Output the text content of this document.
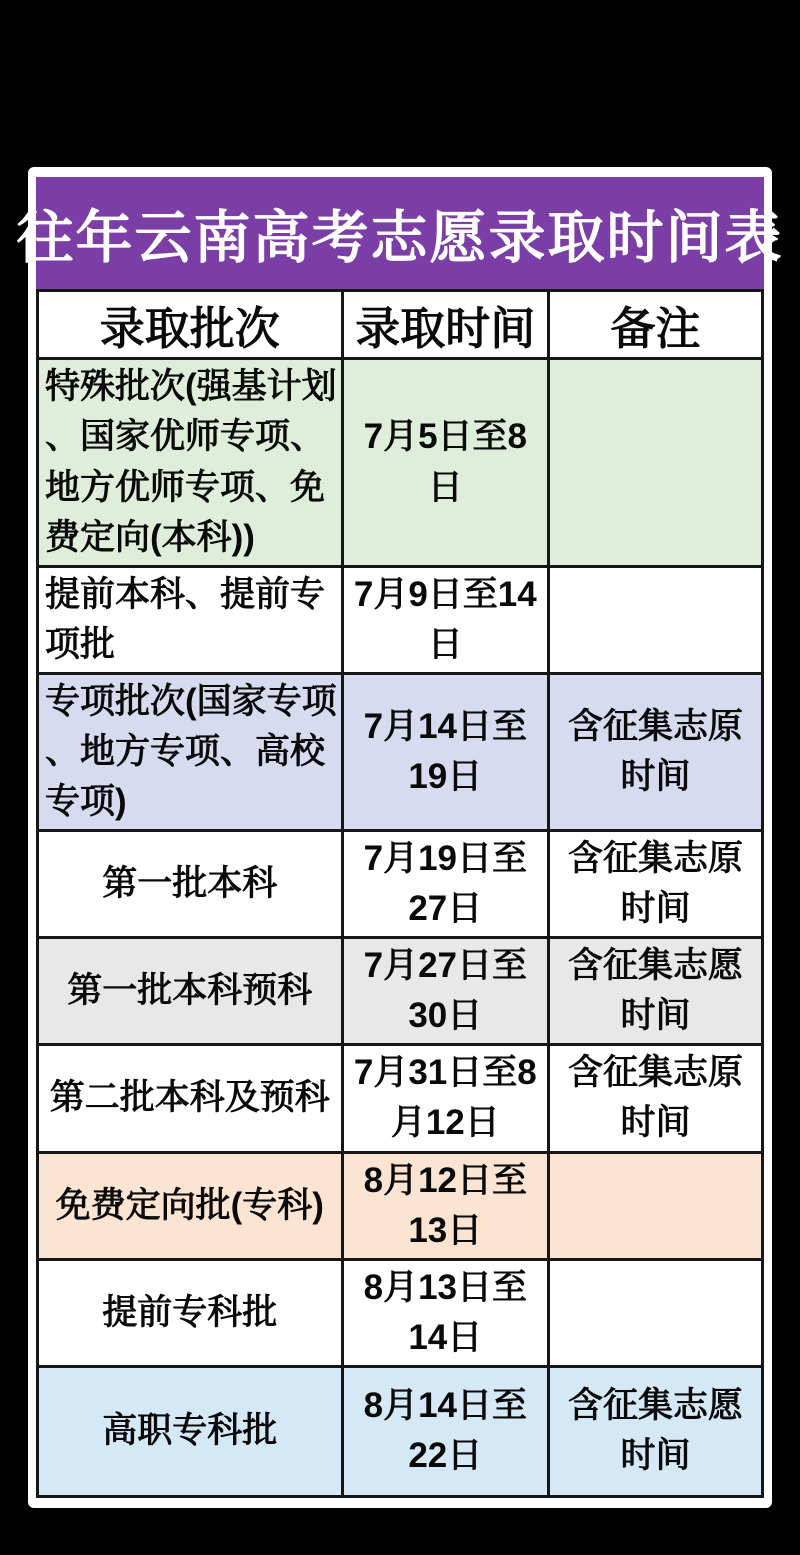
往年云南高考志愿录取时间表
录取批次	录取时间	备注
特殊批次(强基计划、国家优师专项、地方优师专项、免费定向(本科))	7月5日至8日	
提前本科、提前专项批	7月9日至14日	
专项批次(国家专项、地方专项、高校专项)	7月14日至19日	含征集志原时间
第一批本科	7月19日至27日	含征集志原时间
第一批本科预科	7月27日至30日	含征集志愿时间
第二批本科及预科	7月31日至8月12日	含征集志原时间
免费定向批(专科)	8月12日至13日	
提前专科批	8月13日至14日	
高职专科批	8月14日至22日	含征集志愿时间
